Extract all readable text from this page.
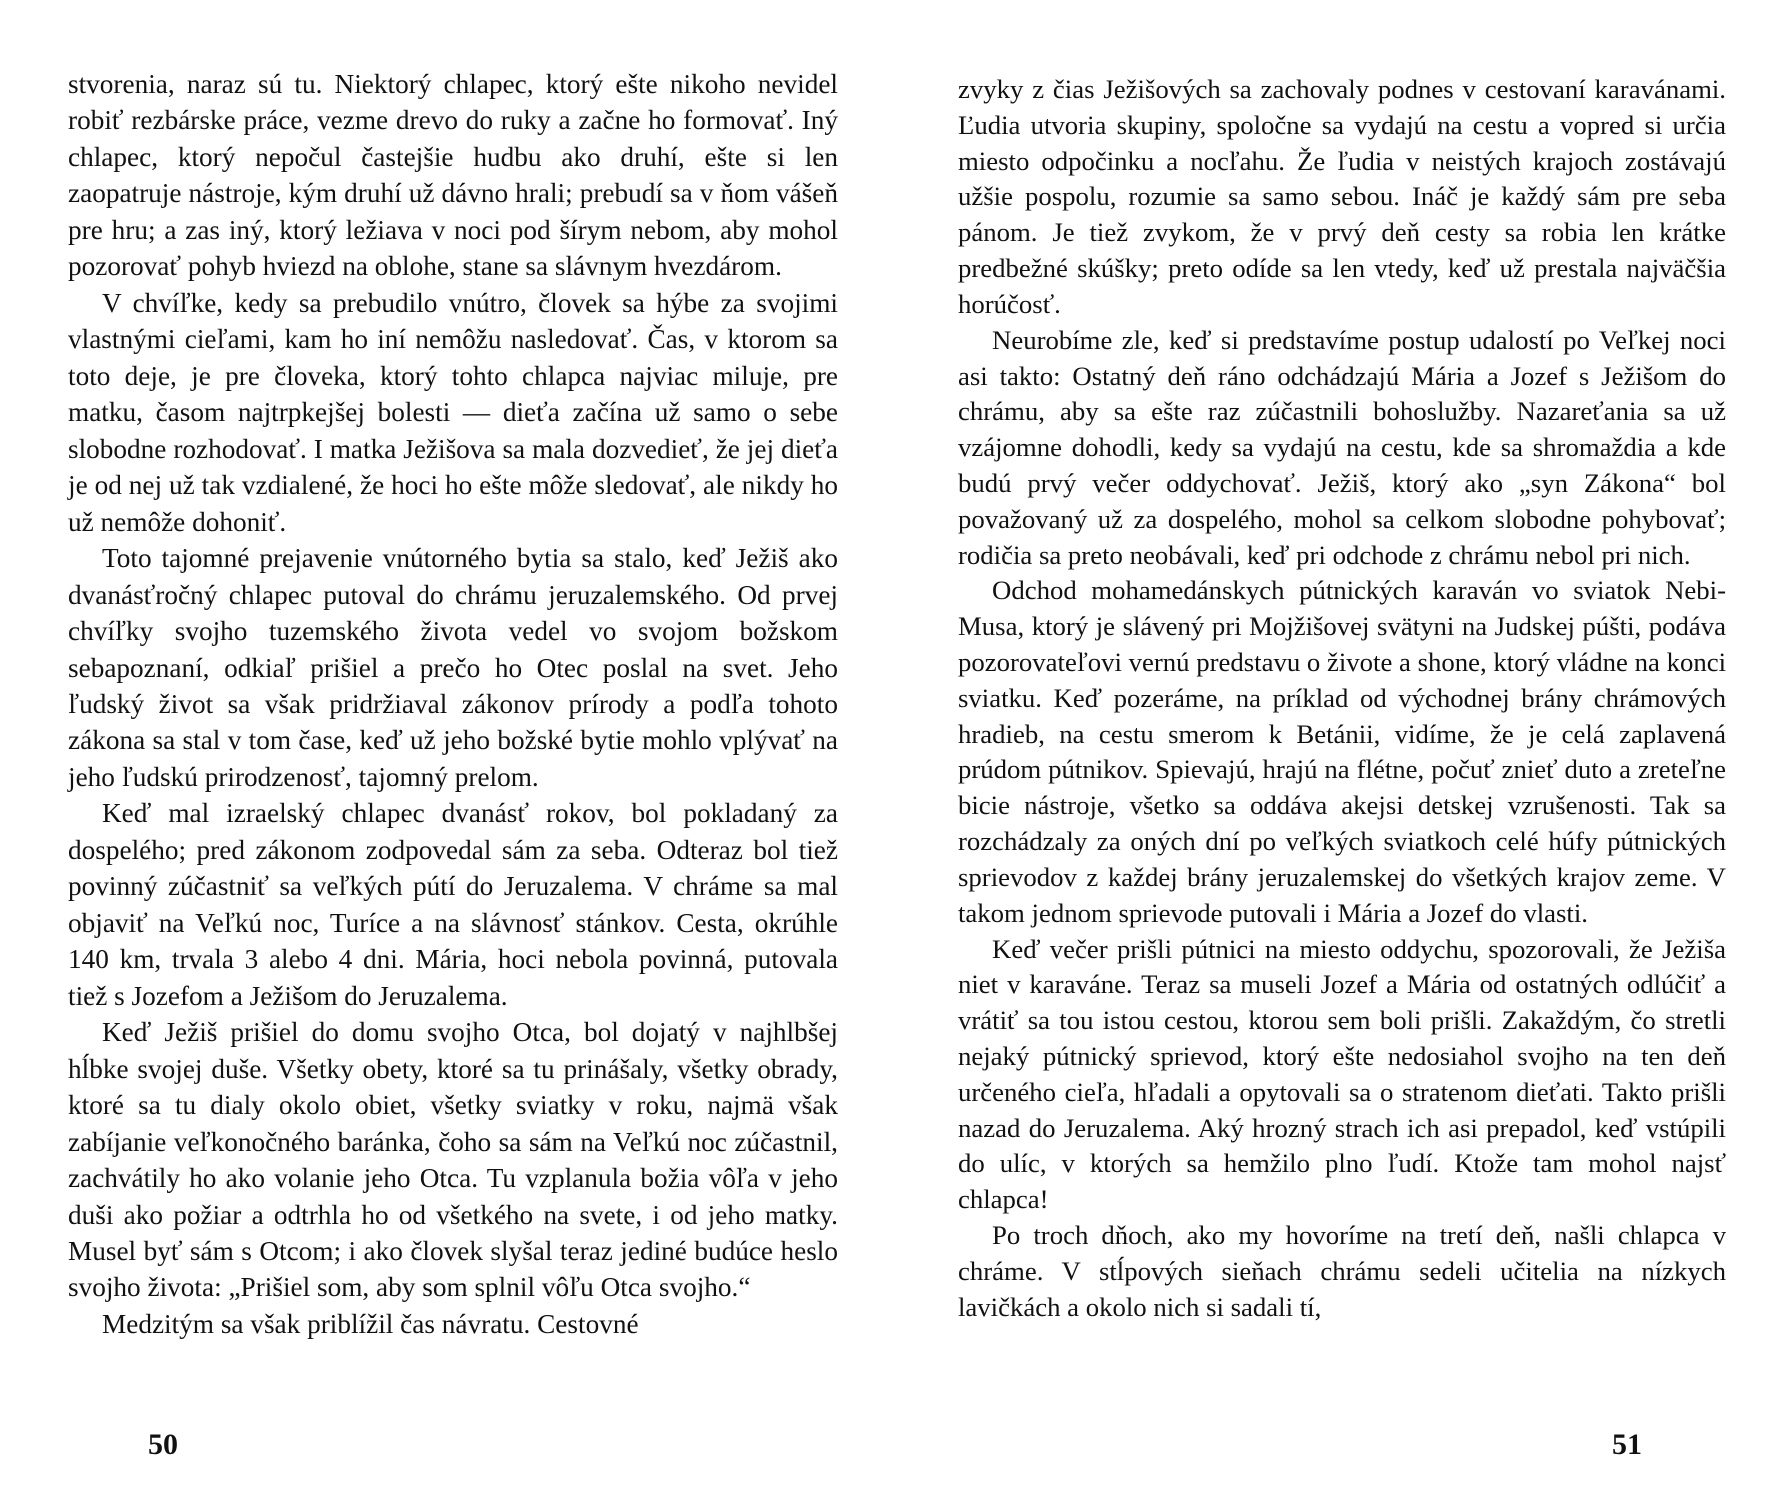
stvorenia, naraz sú tu. Niektorý chlapec, ktorý ešte nikoho nevidel robiť rezbárske práce, vezme drevo do ruky a začne ho formovať. Iný chlapec, ktorý nepočul častejšie hudbu ako druhí, ešte si len zaopatruje nástroje, kým druhí už dávno hrali; prebudí sa v ňom vášeň pre hru; a zas iný, ktorý ležiava v noci pod šírym nebom, aby mohol pozorovať pohyb hviezd na oblohe, stane sa slávnym hvezdárom.

V chvíľke, kedy sa prebudilo vnútro, človek sa hýbe za svojimi vlastnými cieľami, kam ho iní nemôžu nasledovať. Čas, v ktorom sa toto deje, je pre človeka, ktorý tohto chlapca najviac miluje, pre matku, časom najtrpkejšej bolesti — dieťa začína už samo o sebe slobodne rozhodovať. I matka Ježišova sa mala dozvedieť, že jej dieťa je od nej už tak vzdialené, že hoci ho ešte môže sledovať, ale nikdy ho už nemôže dohoniť.

Toto tajomné prejavenie vnútorného bytia sa stalo, keď Ježiš ako dvanásťročný chlapec putoval do chrámu jeruzalemského. Od prvej chvíľky svojho tuzemského života vedel vo svojom božskom sebapoznaní, odkiaľ prišiel a prečo ho Otec poslal na svet. Jeho ľudský život sa však pridržiaval zákonov prírody a podľa tohoto zákona sa stal v tom čase, keď už jeho božské bytie mohlo vplývať na jeho ľudskú prirodzenosť, tajomný prelom.

Keď mal izraelský chlapec dvanásť rokov, bol pokladaný za dospelého; pred zákonom zodpovedal sám za seba. Odteraz bol tiež povinný zúčastniť sa veľkých pútí do Jeruzalema. V chráme sa mal objaviť na Veľkú noc, Turíce a na slávnosť stánkov. Cesta, okrúhle 140 km, trvala 3 alebo 4 dni. Mária, hoci nebola povinná, putovala tiež s Jozefom a Ježišom do Jeruzalema.

Keď Ježiš prišiel do domu svojho Otca, bol dojatý v najhlbšej hĺbke svojej duše. Všetky obety, ktoré sa tu prinášaly, všetky obrady, ktoré sa tu dialy okolo obiet, všetky sviatky v roku, najmä však zabíjanie veľkonočného baránka, čoho sa sám na Veľkú noc zúčastnil, zachvátily ho ako volanie jeho Otca. Tu vzplanula božia vôľa v jeho duši ako požiar a odtrhla ho od všetkého na svete, i od jeho matky. Musel byť sám s Otcom; i ako človek slyšal teraz jediné budúce heslo svojho života: „Prišiel som, aby som splnil vôľu Otca svojho.“

Medzitým sa však priblížil čas návratu. Cestovné

50

zvyky z čias Ježišových sa zachovaly podnes v cestovaní karavánami. Ľudia utvoria skupiny, spoločne sa vydajú na cestu a vopred si určia miesto odpočinku a nocľahu. Že ľudia v neistých krajoch zostávajú užšie pospolu, rozumie sa samo sebou. Ináč je každý sám pre seba pánom. Je tiež zvykom, že v prvý deň cesty sa robia len krátke predbežné skúšky; preto odíde sa len vtedy, keď už prestala najväčšia horúčosť.

Neurobíme zle, keď si predstavíme postup udalostí po Veľkej noci asi takto: Ostatný deň ráno odchádzajú Mária a Jozef s Ježišom do chrámu, aby sa ešte raz zúčastnili bohoslužby. Nazareťania sa už vzájomne dohodli, kedy sa vydajú na cestu, kde sa shromaždia a kde budú prvý večer oddychovať. Ježiš, ktorý ako „syn Zákona“ bol považovaný už za dospelého, mohol sa celkom slobodne pohybovať; rodičia sa preto neobávali, keď pri odchode z chrámu nebol pri nich.

Odchod mohamedánskych pútnických karaván vo sviatok Nebi-Musa, ktorý je slávený pri Mojžišovej svätyni na Judskej púšti, podáva pozorovateľovi vernú predstavu o živote a shone, ktorý vládne na konci sviatku. Keď pozeráme, na príklad od východnej brány chrámových hradieb, na cestu smerom k Betánii, vidíme, že je celá zaplavená prúdom pútnikov. Spievajú, hrajú na flétne, počuť znieť duto a zreteľne bicie nástroje, všetko sa oddáva akejsi detskej vzrušenosti. Tak sa rozchádzaly za oných dní po veľkých sviatkoch celé húfy pútnických sprievodov z každej brány jeruzalemskej do všetkých krajov zeme. V takom jednom sprievode putovali i Mária a Jozef do vlasti.

Keď večer prišli pútnici na miesto oddychu, spozorovali, že Ježiša niet v karaváne. Teraz sa museli Jozef a Mária od ostatných odlúčiť a vrátiť sa tou istou cestou, ktorou sem boli prišli. Zakaždým, čo stretli nejaký pútnický sprievod, ktorý ešte nedosiahol svojho na ten deň určeného cieľa, hľadali a opytovali sa o stratenom dieťati. Takto prišli nazad do Jeruzalema. Aký hrozný strach ich asi prepadol, keď vstúpili do ulíc, v ktorých sa hemžilo plno ľudí. Ktože tam mohol najsť chlapca!

Po troch dňoch, ako my hovoríme na tretí deň, našli chlapca v chráme. V stĺpových sieňach chrámu sedeli učitelia na nízkych lavičkách a okolo nich si sadali tí,

51
